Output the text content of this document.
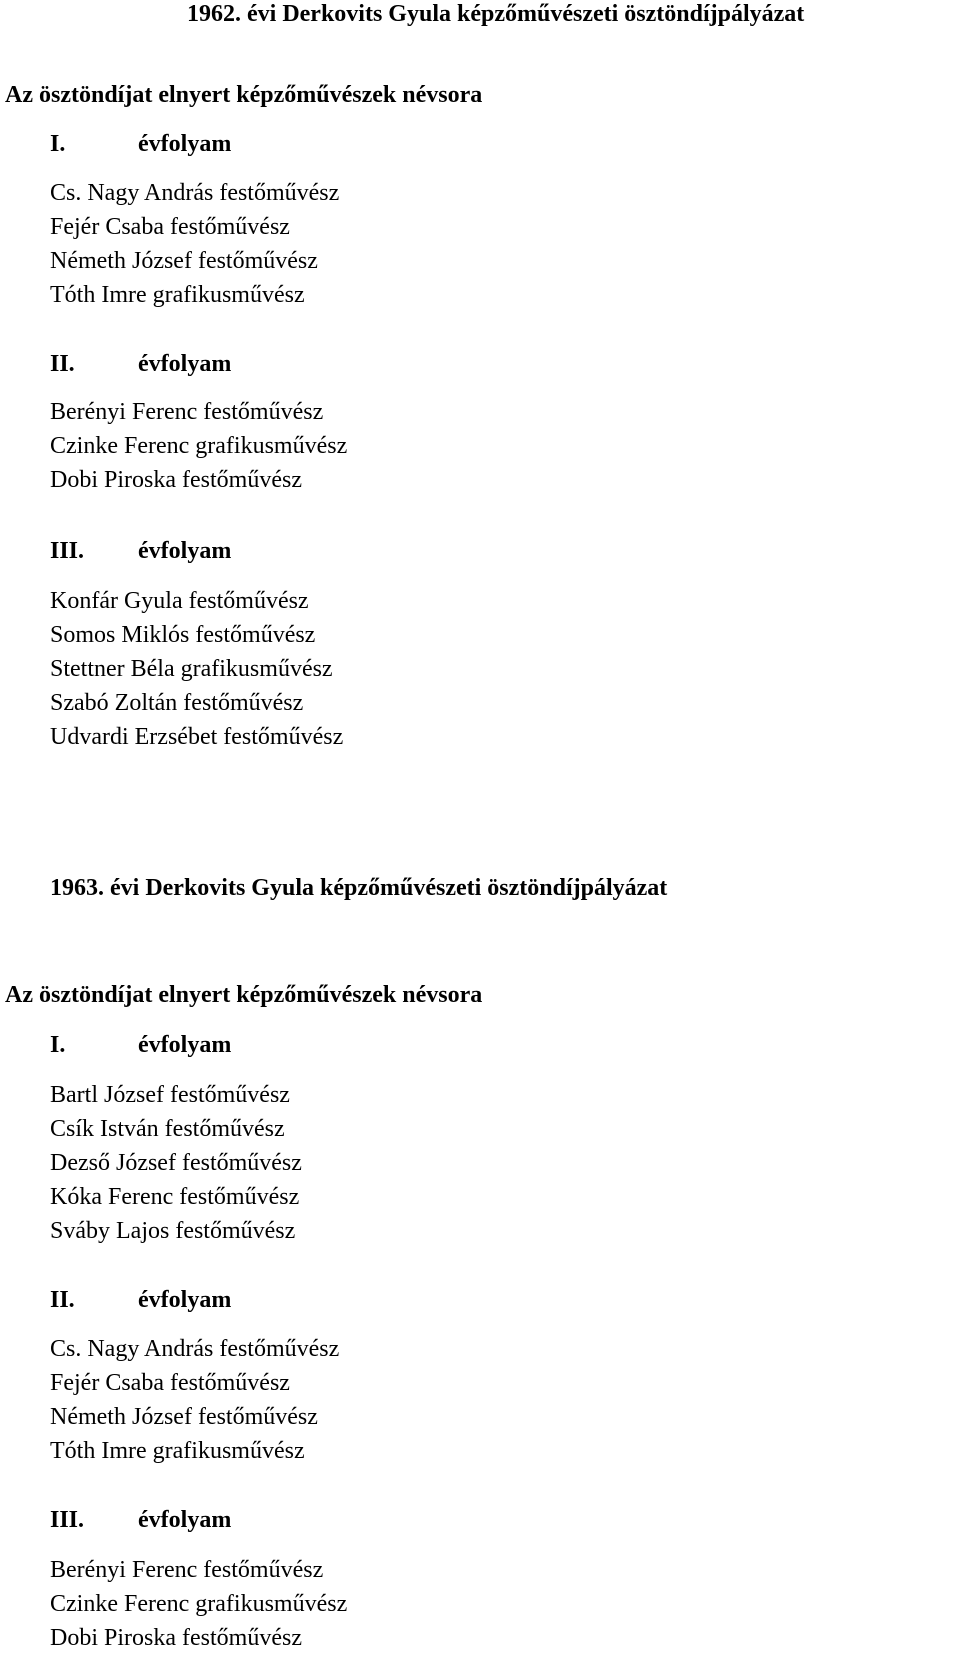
1962. évi Derkovits Gyula képzőművészeti ösztöndíjpályázat
Az ösztöndíjat elnyert képzőművészek névsora
I.	évfolyam
Cs. Nagy András festőművész
Fejér Csaba festőművész
Németh József festőművész
Tóth Imre grafikusművész
II.	évfolyam
Berényi Ferenc festőművész
Czinke Ferenc grafikusművész
Dobi Piroska festőművész
III. évfolyam
Konfár Gyula festőművész
Somos Miklós festőművész
Stettner Béla grafikusművész
Szabó Zoltán festőművész
Udvardi Erzsébet festőművész
1963. évi Derkovits Gyula képzőművészeti ösztöndíjpályázat
Az ösztöndíjat elnyert képzőművészek névsora
I.	évfolyam
Bartl József festőművész
Csík István festőművész
Dezső József festőművész
Kóka Ferenc festőművész
Sváby Lajos festőművész
II.	évfolyam
Cs. Nagy András festőművész
Fejér Csaba festőművész
Németh József festőművész
Tóth Imre grafikusművész
III. évfolyam
Berényi Ferenc festőművész
Czinke Ferenc grafikusművész
Dobi Piroska festőművész
